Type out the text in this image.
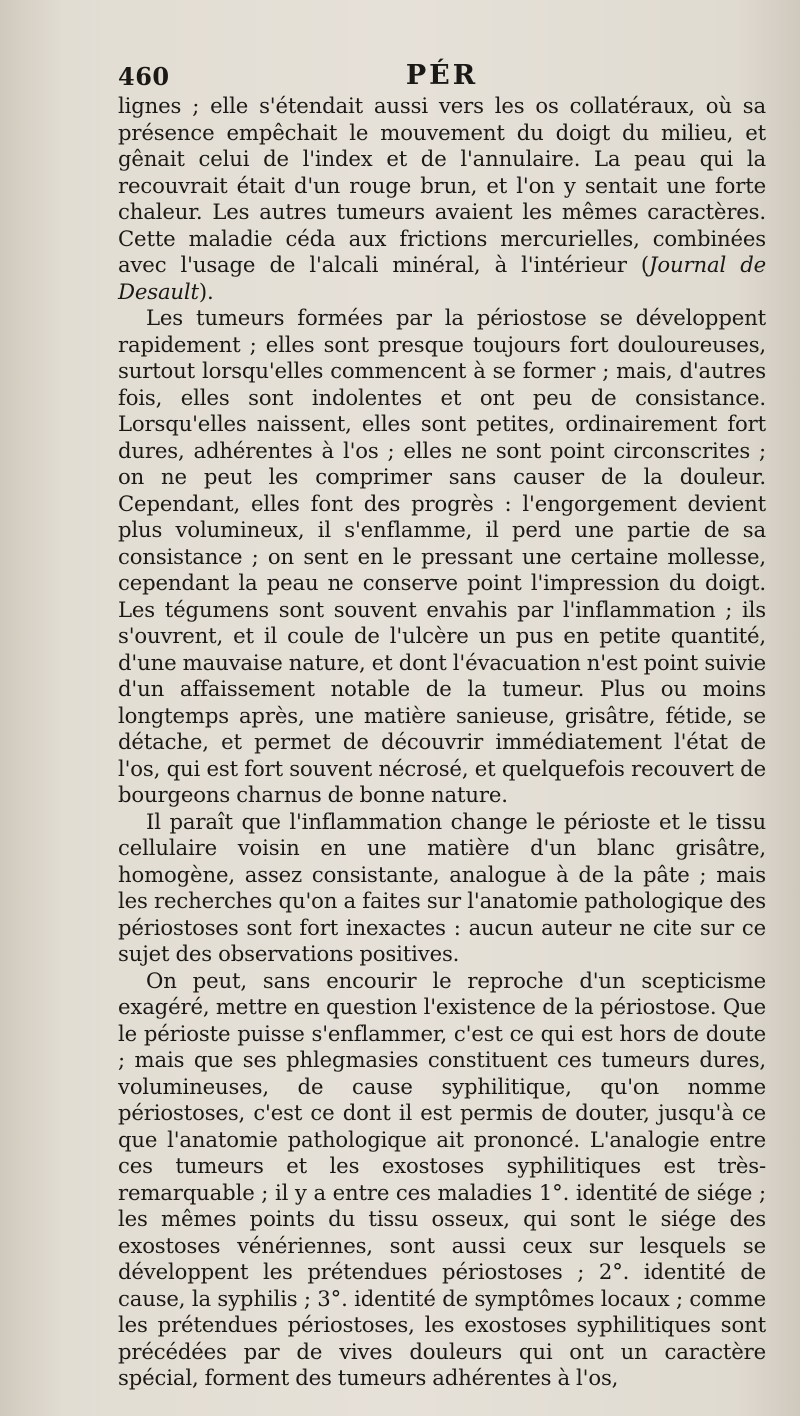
460	PÉR

lignes ; elle s'étendait aussi vers les os collatéraux, où sa présence empêchait le mouvement du doigt du milieu, et gênait celui de l'index et de l'annulaire. La peau qui la recouvrait était d'un rouge brun, et l'on y sentait une forte chaleur. Les autres tumeurs avaient les mêmes caractères. Cette maladie céda aux frictions mercurielles, combinées avec l'usage de l'alcali minéral, à l'intérieur (Journal de Desault).

Les tumeurs formées par la périostose se développent rapidement ; elles sont presque toujours fort douloureuses, surtout lorsqu'elles commencent à se former ; mais, d'autres fois, elles sont indolentes et ont peu de consistance. Lorsqu'elles naissent, elles sont petites, ordinairement fort dures, adhérentes à l'os ; elles ne sont point circonscrites ; on ne peut les comprimer sans causer de la douleur. Cependant, elles font des progrès : l'engorgement devient plus volumineux, il s'enflamme, il perd une partie de sa consistance ; on sent en le pressant une certaine mollesse, cependant la peau ne conserve point l'impression du doigt. Les tégumens sont souvent envahis par l'inflammation ; ils s'ouvrent, et il coule de l'ulcère un pus en petite quantité, d'une mauvaise nature, et dont l'évacuation n'est point suivie d'un affaissement notable de la tumeur. Plus ou moins longtemps après, une matière sanieuse, grisâtre, fétide, se détache, et permet de découvrir immédiatement l'état de l'os, qui est fort souvent nécrosé, et quelquefois recouvert de bourgeons charnus de bonne nature.

Il paraît que l'inflammation change le périoste et le tissu cellulaire voisin en une matière d'un blanc grisâtre, homogène, assez consistante, analogue à de la pâte ; mais les recherches qu'on a faites sur l'anatomie pathologique des périostoses sont fort inexactes : aucun auteur ne cite sur ce sujet des observations positives.

On peut, sans encourir le reproche d'un scepticisme exagéré, mettre en question l'existence de la périostose. Que le périoste puisse s'enflammer, c'est ce qui est hors de doute ; mais que ses phlegmasies constituent ces tumeurs dures, volumineuses, de cause syphilitique, qu'on nomme périostoses, c'est ce dont il est permis de douter, jusqu'à ce que l'anatomie pathologique ait prononcé. L'analogie entre ces tumeurs et les exostoses syphilitiques est très-remarquable ; il y a entre ces maladies 1°. identité de siége ; les mêmes points du tissu osseux, qui sont le siége des exostoses vénériennes, sont aussi ceux sur lesquels se développent les prétendues périostoses ; 2°. identité de cause, la syphilis ; 3°. identité de symptômes locaux ; comme les prétendues périostoses, les exostoses syphilitiques sont précédées par de vives douleurs qui ont un caractère spécial, forment des tumeurs adhérentes à l'os,
